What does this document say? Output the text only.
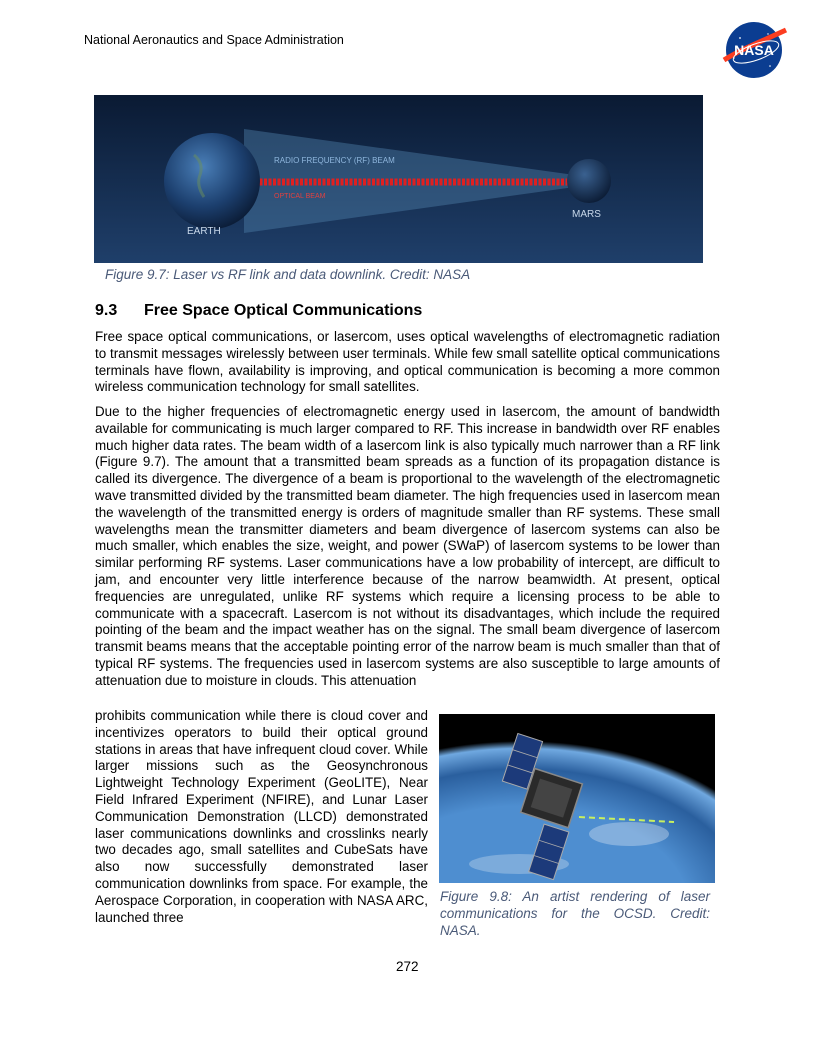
National Aeronautics and Space Administration
NASA
RADIO FREQUENCY (RF) BEAM
OPTICAL BEAM
EARTH
MARS
Figure 9.7: Laser vs RF link and data downlink. Credit: NASA
9.3 Free Space Optical Communications

Free space optical communications, or lasercom, uses optical wavelengths of electromagnetic radiation to transmit messages wirelessly between user terminals. While few small satellite optical communications terminals have flown, availability is improving, and optical communication is becoming a more common wireless communication technology for small satellites.

Due to the higher frequencies of electromagnetic energy used in lasercom, the amount of bandwidth available for communicating is much larger compared to RF. This increase in bandwidth over RF enables much higher data rates. The beam width of a lasercom link is also typically much narrower than a RF link (Figure 9.7). The amount that a transmitted beam spreads as a function of its propagation distance is called its divergence. The divergence of a beam is proportional to the wavelength of the electromagnetic wave transmitted divided by the transmitted beam diameter. The high frequencies used in lasercom mean the wavelength of the transmitted energy is orders of magnitude smaller than RF systems. These small wavelengths mean the transmitter diameters and beam divergence of lasercom systems can also be much smaller, which enables the size, weight, and power (SWaP) of lasercom systems to be lower than similar performing RF systems. Laser communications have a low probability of intercept, are difficult to jam, and encounter very little interference because of the narrow beamwidth. At present, optical frequencies are unregulated, unlike RF systems which require a licensing process to be able to communicate with a spacecraft. Lasercom is not without its disadvantages, which include the required pointing of the beam and the impact weather has on the signal. The small beam divergence of lasercom transmit beams means that the acceptable pointing error of the narrow beam is much smaller than that of typical RF systems. The frequencies used in lasercom systems are also susceptible to large amounts of attenuation due to moisture in clouds. This attenuation

prohibits communication while there is cloud cover and incentivizes operators to build their optical ground stations in areas that have infrequent cloud cover. While larger missions such as the Geosynchronous Lightweight Technology Experiment (GeoLITE), Near Field Infrared Experiment (NFIRE), and Lunar Laser Communication Demonstration (LLCD) demonstrated laser communications downlinks and crosslinks nearly two decades ago, small satellites and CubeSats have also now successfully demonstrated laser communication downlinks from space. For example, the Aerospace Corporation, in cooperation with NASA ARC, launched three

Figure 9.8: An artist rendering of laser communications for the OCSD. Credit: NASA.
272
